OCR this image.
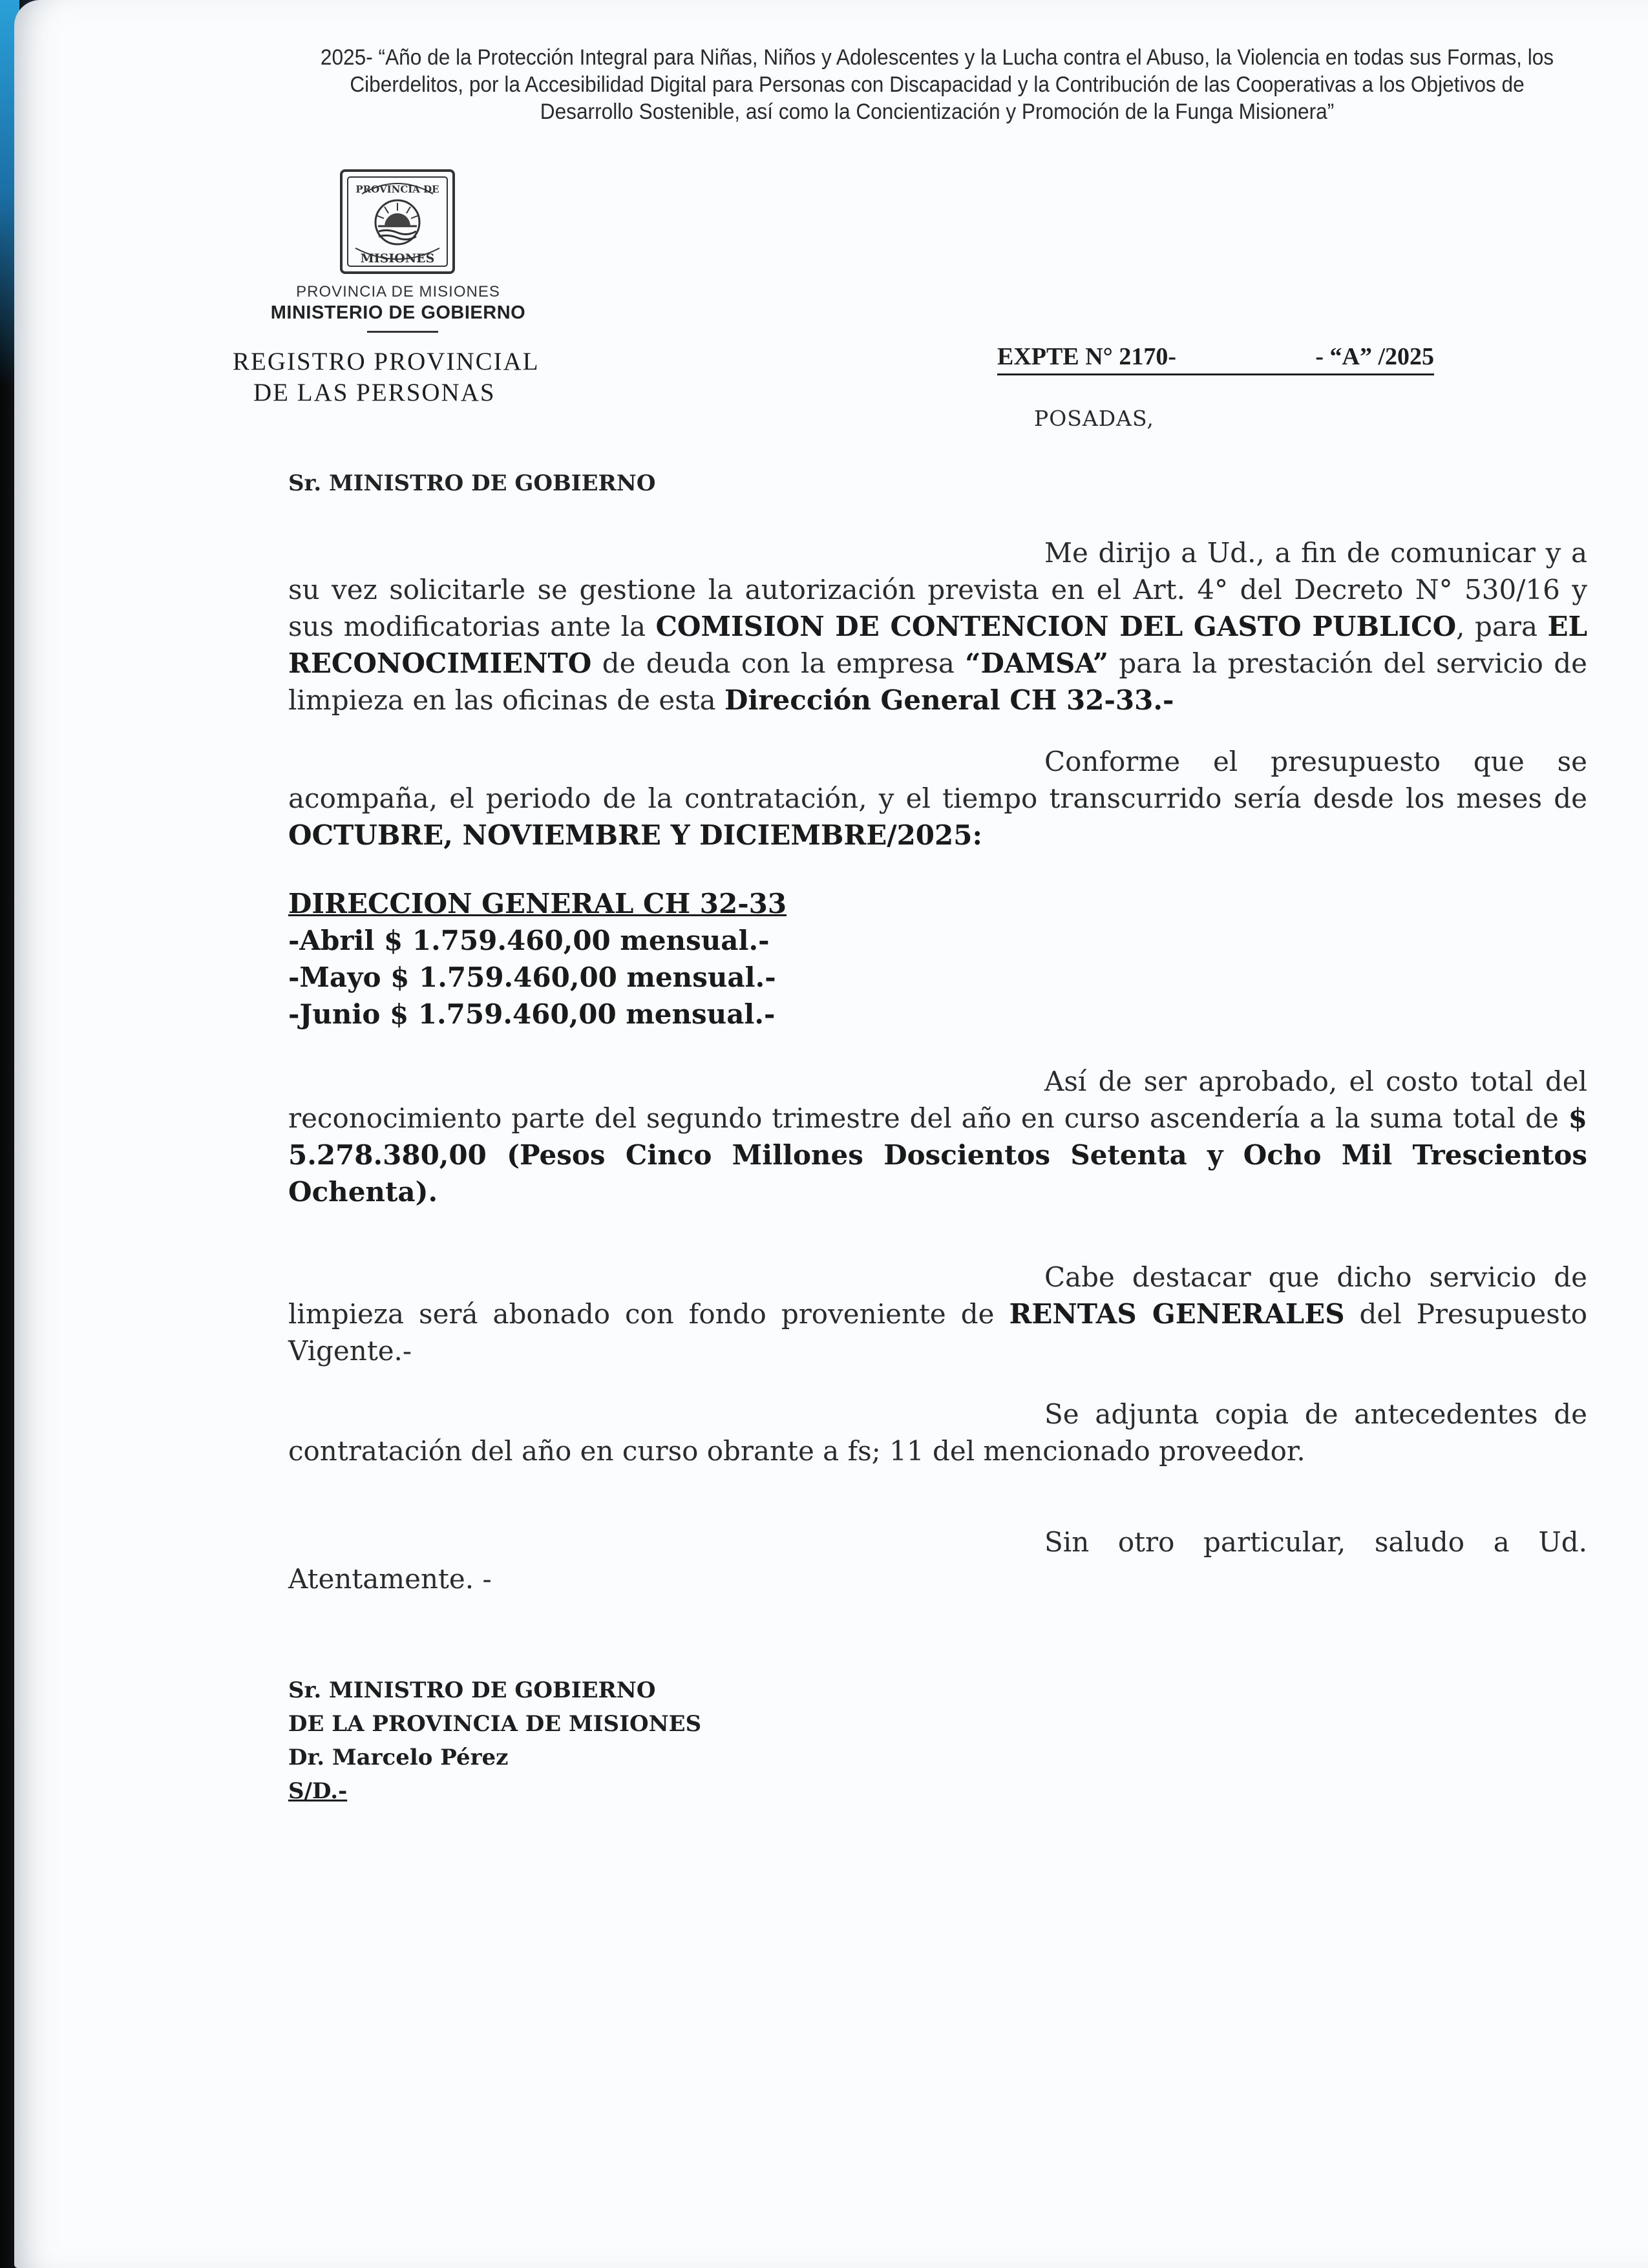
2025- “Año de la Protección Integral para Niñas, Niños y Adolescentes y la Lucha contra el Abuso, la Violencia en todas sus Formas, los Ciberdelitos, por la Accesibilidad Digital para Personas con Discapacidad y la Contribución de las Cooperativas a los Objetivos de Desarrollo Sostenible, así como la Concientización y Promoción de la Funga Misionera”
PROVINCIA DE
MISIONES
PROVINCIA DE MISIONES
MINISTERIO DE GOBIERNO
REGISTRO PROVINCIAL
DE LAS PERSONAS
EXPTE N° 2170-	- “A” /2025
POSADAS,
Sr. MINISTRO DE GOBIERNO
Me dirijo a Ud., a fin de comunicar y a
su vez solicitarle se gestione la autorización prevista en el Art. 4° del Decreto N° 530/16 y sus modificatorias ante la COMISION DE CONTENCION DEL GASTO PUBLICO, para EL RECONOCIMIENTO de deuda con la empresa “DAMSA” para la prestación del servicio de limpieza en las oficinas de esta Dirección General CH 32-33.-
Conforme el presupuesto que se
acompaña, el periodo de la contratación, y el tiempo transcurrido sería desde los meses de OCTUBRE, NOVIEMBRE Y DICIEMBRE/2025:
DIRECCION GENERAL CH 32-33
-Abril $ 1.759.460,00 mensual.-
-Mayo $ 1.759.460,00 mensual.-
-Junio $ 1.759.460,00 mensual.-
Así de ser aprobado, el costo total del
reconocimiento parte del segundo trimestre del año en curso ascendería a la suma total de $ 5.278.380,00 (Pesos Cinco Millones Doscientos Setenta y Ocho Mil Trescientos Ochenta).
Cabe destacar que dicho servicio de
limpieza será abonado con fondo proveniente de RENTAS GENERALES del Presupuesto Vigente.-
Se adjunta copia de antecedentes de
contratación del año en curso obrante a fs; 11 del mencionado proveedor.
Sin otro particular, saludo a Ud.
Atentamente. -
Sr. MINISTRO DE GOBIERNO
DE LA PROVINCIA DE MISIONES
Dr. Marcelo Pérez
S/D.-
